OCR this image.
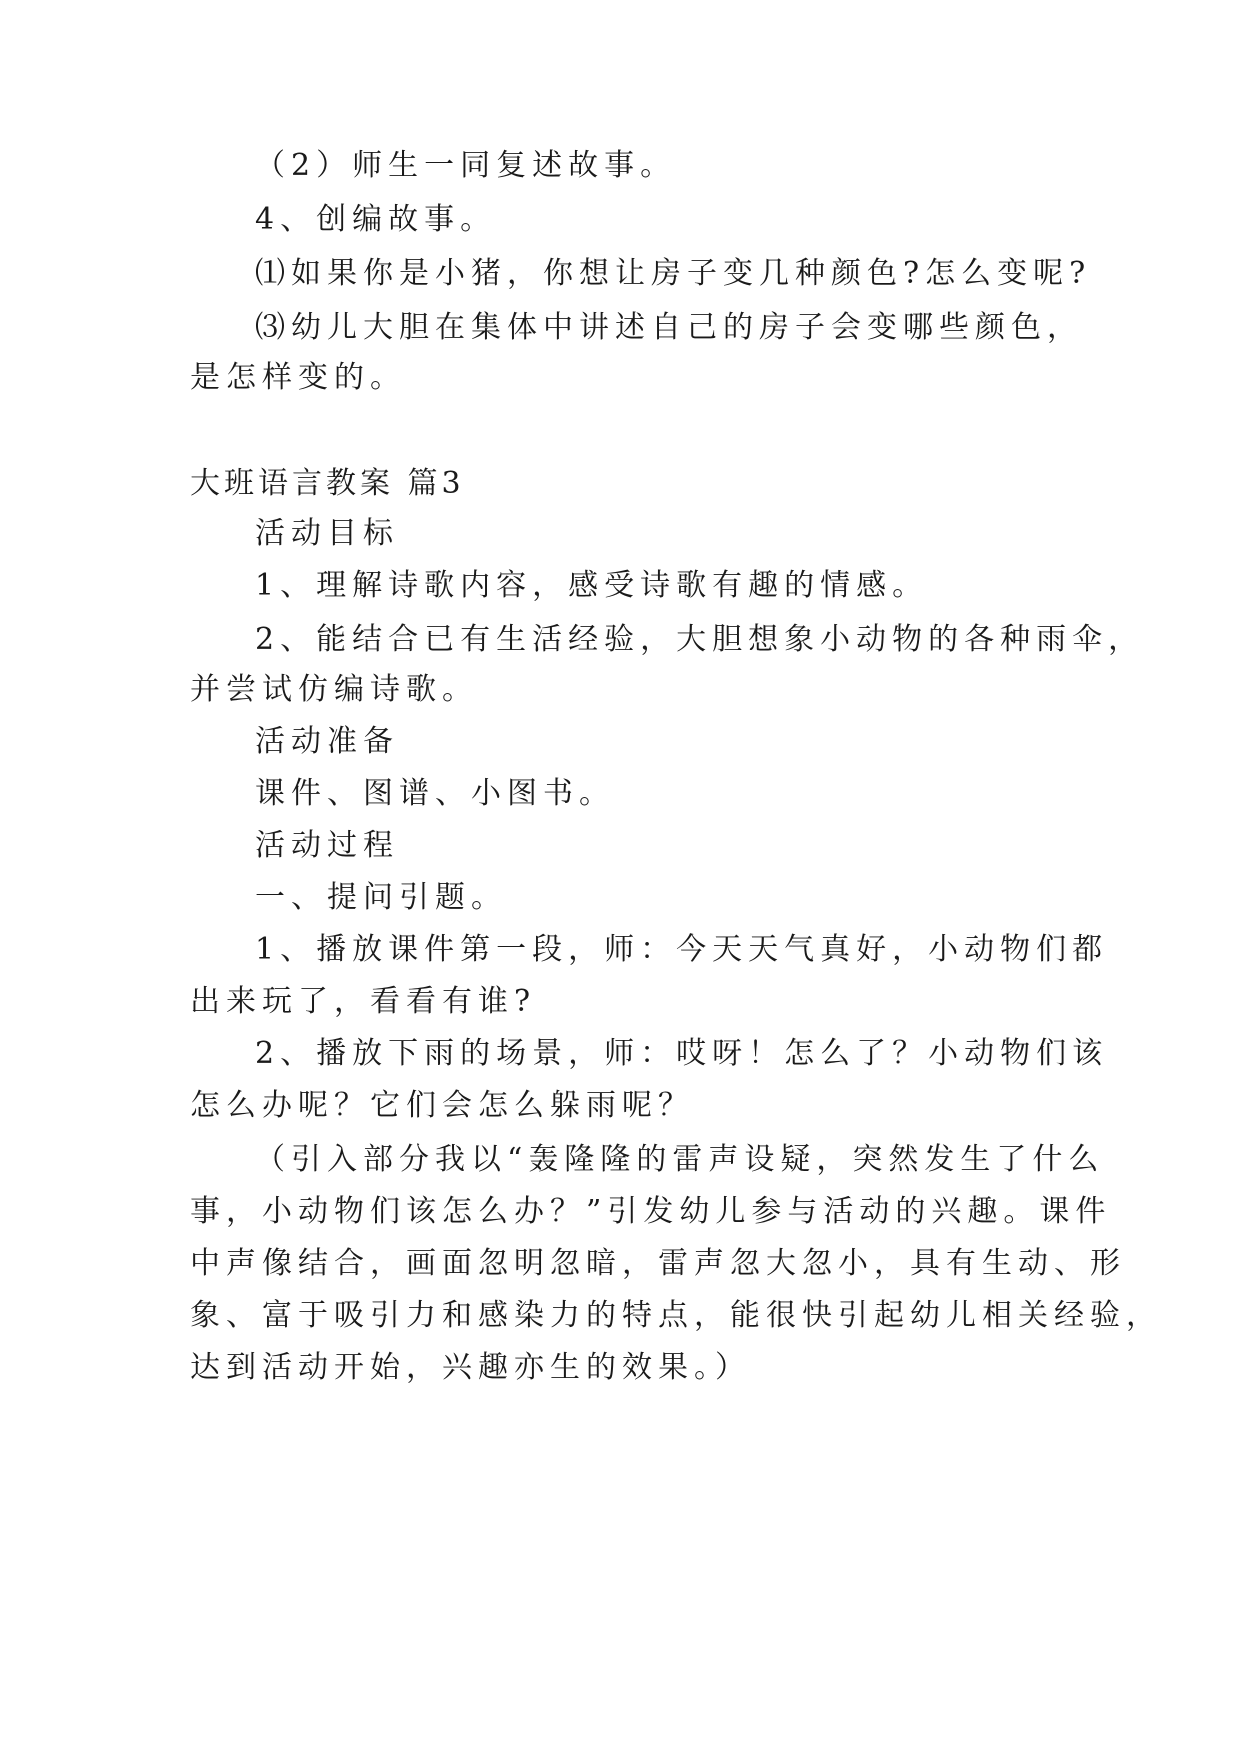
（2）师生一同复述故事。

4、创编故事。

⑴如果你是小猪，你想让房子变几种颜色?怎么变呢?

⑶幼儿大胆在集体中讲述自己的房子会变哪些颜色，

是怎样变的。

大班语言教案 篇3

活动目标

1、理解诗歌内容，感受诗歌有趣的情感。

2、能结合已有生活经验，大胆想象小动物的各种雨伞，

并尝试仿编诗歌。

活动准备

课件、图谱、小图书。

活动过程

一、提问引题。

1、播放课件第一段，师：今天天气真好，小动物们都

出来玩了，看看有谁?

2、播放下雨的场景，师：哎呀！怎么了？小动物们该

怎么办呢？它们会怎么躲雨呢？

（引入部分我以“轰隆隆的雷声设疑，突然发生了什么

事，小动物们该怎么办？”引发幼儿参与活动的兴趣。课件

中声像结合，画面忽明忽暗，雷声忽大忽小，具有生动、形

象、富于吸引力和感染力的特点，能很快引起幼儿相关经验，

达到活动开始，兴趣亦生的效果。）
